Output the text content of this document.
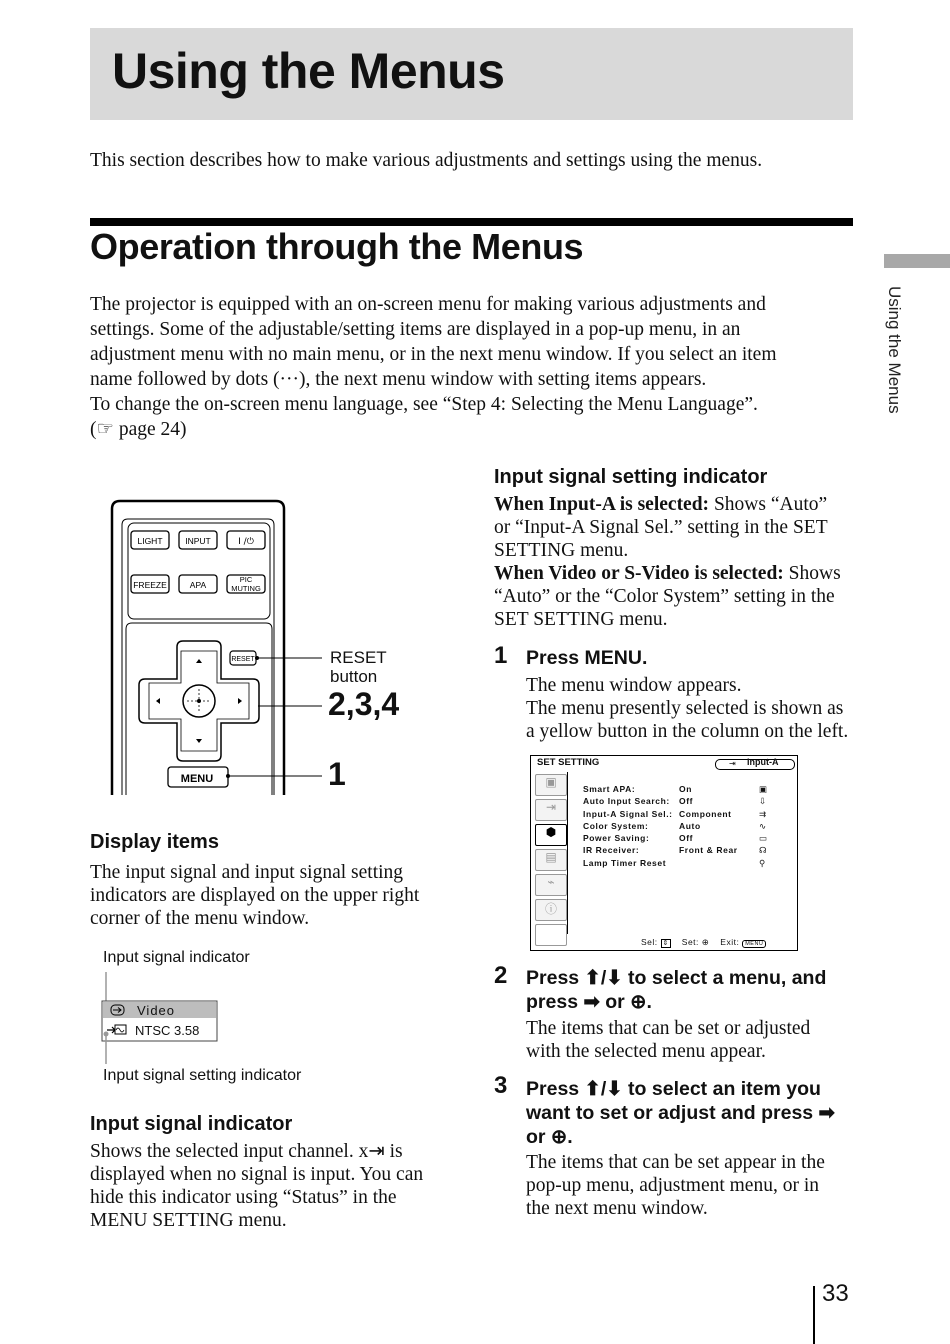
Using the Menus
This section describes how to make various adjustments and settings using the menus.
Operation through the Menus

The projector is equipped with an on-screen menu for making various adjustments and

settings. Some of the adjustable/setting items are displayed in a pop-up menu, in an

adjustment menu with no main menu, or in the next menu window. If you select an item

name followed by dots (···), the next menu window with setting items appears.

To change the on-screen menu language, see “Step 4: Selecting the Menu Language”.

(☞ page 24)

Using the Menus
LIGHT	INPUT	I /⏻
FREEZE	APA
PIC
MUTING
RESET
MENU
RESET
button
2,3,4
1
Display items
The input signal and input signal setting
indicators are displayed on the upper right
corner of the menu window.
Input signal indicator
Input signal setting indicator
Video
NTSC 3.58
Input signal indicator
Shows the selected input channel. x⇥ is
displayed when no signal is input. You can
hide this indicator using “Status” in the
MENU SETTING menu.
Input signal setting indicator
When Input-A is selected: Shows “Auto”
or “Input-A Signal Sel.” setting in the SET
SETTING menu.
When Video or S-Video is selected: Shows
“Auto” or the “Color System” setting in the
SET SETTING menu.
1 Press MENU.
The menu window appears.
The menu presently selected is shown as
a yellow button in the column on the left.
SET SETTING	Input-A
⇥
▣
⇥
⬢
▤
⌁
ⓘ
Smart APA:	On	▣
Auto Input Search:	Off	⇩
Input-A Signal Sel.: Component	⇉
Color System:	Auto	∿
Power Saving:	Off	▭
IR Receiver:	Front & Rear	☊
Lamp Timer Reset	⚲
Sel: ⇕ Set: ⊕ Exit: MENU
2 Press ⬆/⬇ to select a menu, and
press ➡ or ⊕.
The items that can be set or adjusted
with the selected menu appear.
3 Press ⬆/⬇ to select an item you
want to set or adjust and press ➡
or ⊕.
The items that can be set appear in the
pop-up menu, adjustment menu, or in
the next menu window.
33
